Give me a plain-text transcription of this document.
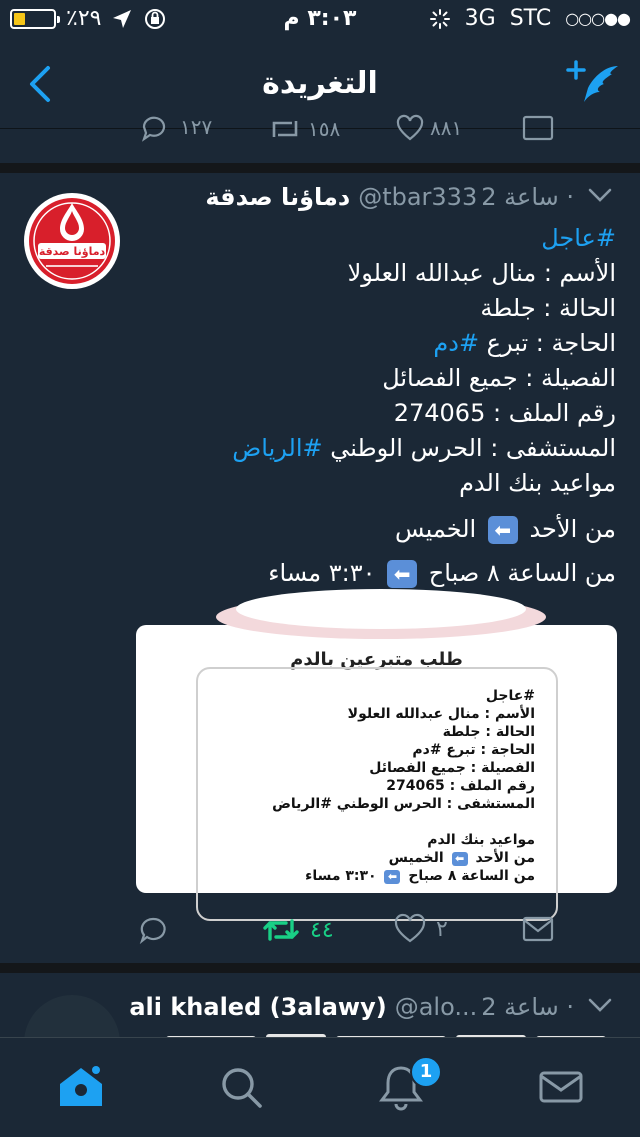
٪٢٩	٣:٠٣ م	3G STC ○○○●●
التغريدة
١٢٧	١٥٨	٨٨١
دماؤنا صدقة
دماؤنا صدقة @tbar333 2 ساعة ·
#عاجل
الأسم : منال عبدالله العلولا
الحالة : جلطة
الحاجة : تبرع #دم
الفصيلة : جميع الفصائل
رقم الملف : 274065
المستشفى : الحرس الوطني #الرياض
مواعيد بنك الدم
من الأحد ⬅ الخميس
من الساعة ٨ صباح ⬅ ٣:٣٠ مساء
طلب متبرعين بالدم
#عاجل
الأسم : منال عبدالله العلولا
الحالة : جلطة
الحاجة : تبرع #دم
الفصيلة : جميع الفصائل
رقم الملف : 274065
المستشفى : الحرس الوطني #الرياض
مواعيد بنك الدم
من الأحد ⬅ الخميس
من الساعة ٨ صباح ⬅ ٣:٣٠ مساء
٤٤	٢
ali khaled (3alawy) @alo... 2 ساعة ·
1
